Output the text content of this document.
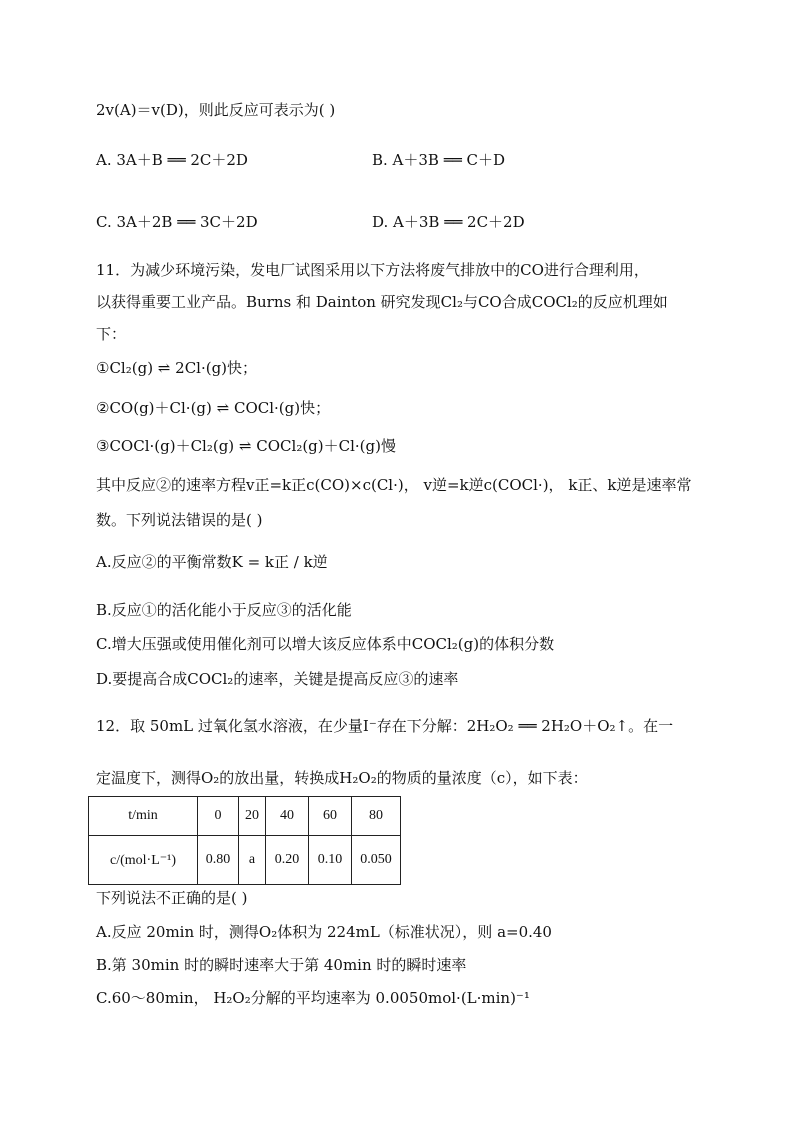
2v(A)＝v(D)，则此反应可表示为( )
A. 3A＋B ══ 2C＋2D	B. A＋3B ══ C＋D
C. 3A＋2B ══ 3C＋2D	D. A＋3B ══ 2C＋2D
11．为减少环境污染，发电厂试图采用以下方法将废气排放中的CO进行合理利用，
以获得重要工业产品。Burns 和 Dainton 研究发现Cl₂与CO合成COCl₂的反应机理如
下：
①Cl₂(g) ⇌ 2Cl·(g)快；
②CO(g)＋Cl·(g) ⇌ COCl·(g)快；
③COCl·(g)＋Cl₂(g) ⇌ COCl₂(g)＋Cl·(g)慢
其中反应②的速率方程v正=k正c(CO)×c(Cl·)， v逆=k逆c(COCl·)， k正、k逆是速率常
数。下列说法错误的是( )
A.反应②的平衡常数K = k正 / k逆
B.反应①的活化能小于反应③的活化能
C.增大压强或使用催化剂可以增大该反应体系中COCl₂(g)的体积分数
D.要提高合成COCl₂的速率，关键是提高反应③的速率
12．取 50mL 过氧化氢水溶液，在少量I⁻存在下分解：2H₂O₂ ══ 2H₂O＋O₂↑。在一
定温度下，测得O₂的放出量，转换成H₂O₂的物质的量浓度（c），如下表：
t/min	0	20	40	60	80
c/(mol·L⁻¹)	0.80	a	0.20	0.10	0.050
下列说法不正确的是( )
A.反应 20min 时，测得O₂体积为 224mL（标准状况），则 a=0.40
B.第 30min 时的瞬时速率大于第 40min 时的瞬时速率
C.60～80min， H₂O₂分解的平均速率为 0.0050mol·(L·min)⁻¹
